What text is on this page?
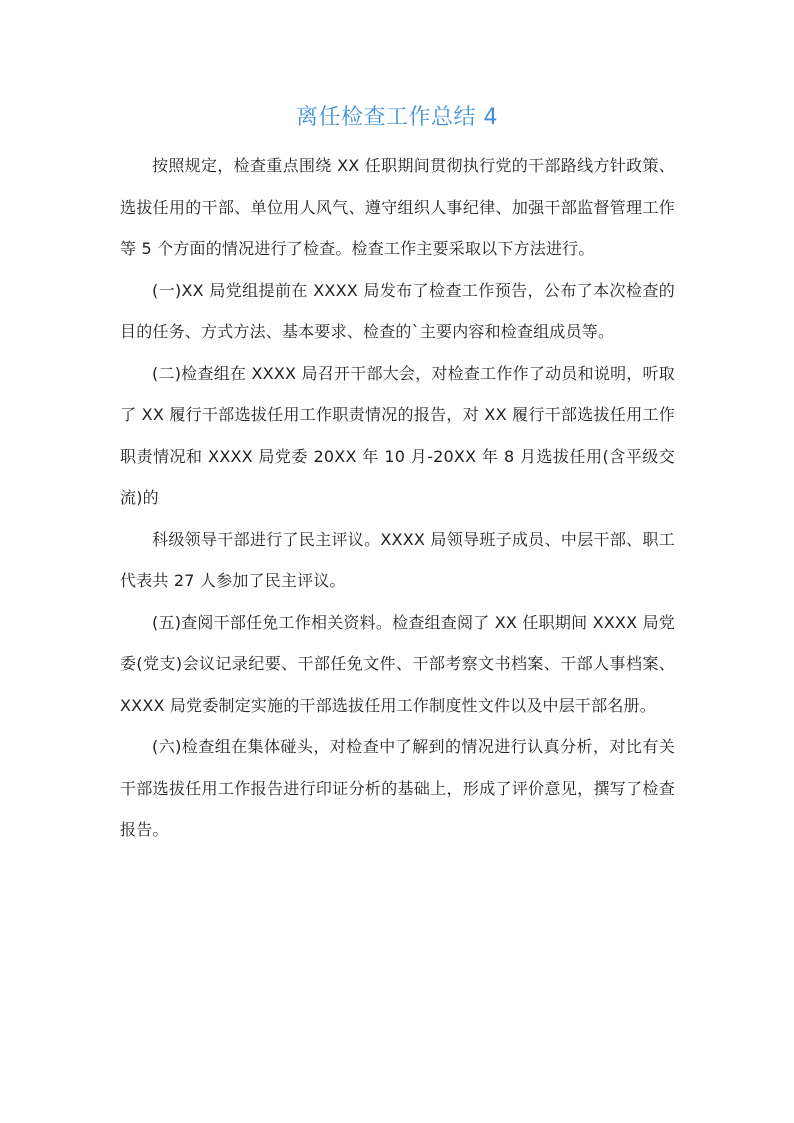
离任检查工作总结 4

按照规定，检查重点围绕 XX 任职期间贯彻执行党的干部路线方针政策、选拔任用的干部、单位用人风气、遵守组织人事纪律、加强干部监督管理工作等 5 个方面的情况进行了检查。检查工作主要采取以下方法进行。

(一)XX 局党组提前在 XXXX 局发布了检查工作预告，公布了本次检查的目的任务、方式方法、基本要求、检查的`主要内容和检查组成员等。

(二)检查组在 XXXX 局召开干部大会，对检查工作作了动员和说明，听取了 XX 履行干部选拔任用工作职责情况的报告，对 XX 履行干部选拔任用工作职责情况和 XXXX 局党委 20XX 年 10 月-20XX 年 8 月选拔任用(含平级交流)的

科级领导干部进行了民主评议。XXXX 局领导班子成员、中层干部、职工代表共 27 人参加了民主评议。

(五)查阅干部任免工作相关资料。检查组查阅了 XX 任职期间 XXXX 局党委(党支)会议记录纪要、干部任免文件、干部考察文书档案、干部人事档案、XXXX 局党委制定实施的干部选拔任用工作制度性文件以及中层干部名册。

(六)检查组在集体碰头，对检查中了解到的情况进行认真分析，对比有关干部选拔任用工作报告进行印证分析的基础上，形成了评价意见，撰写了检查报告。
